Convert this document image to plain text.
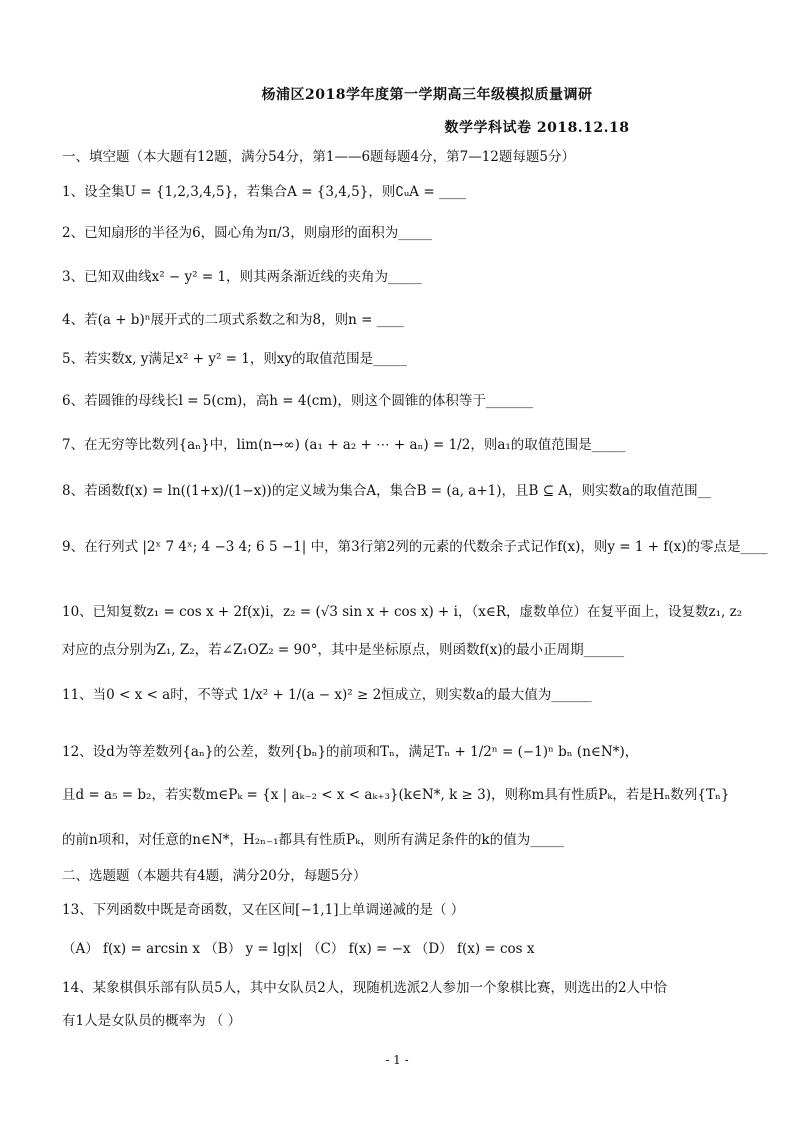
杨浦区2018学年度第一学期高三年级模拟质量调研
数学学科试卷 2018.12.18
一、填空题（本大题有12题，满分54分，第1——6题每题4分，第7—12题每题5分）
1、设全集U = {1,2,3,4,5}，若集合A = {3,4,5}，则∁ᵤA = ____
2、已知扇形的半径为6，圆心角为π/3，则扇形的面积为_____
3、已知双曲线x² − y² = 1，则其两条渐近线的夹角为_____
4、若(a + b)ⁿ展开式的二项式系数之和为8，则n = ____
5、若实数x, y满足x² + y² = 1，则xy的取值范围是_____
6、若圆锥的母线长l = 5(cm)，高h = 4(cm)，则这个圆锥的体积等于_______
7、在无穷等比数列{aₙ}中，lim(n→∞) (a₁ + a₂ + ⋯ + aₙ) = 1/2，则a₁的取值范围是_____
8、若函数f(x) = ln((1+x)/(1−x))的定义域为集合A，集合B = (a, a+1)，且B ⊆ A，则实数a的取值范围__
9、在行列式 |2ˣ 7 4ˣ; 4 −3 4; 6 5 −1| 中，第3行第2列的元素的代数余子式记作f(x)，则y = 1 + f(x)的零点是____
10、已知复数z₁ = cos x + 2f(x)i，z₂ = (√3 sin x + cos x) + i，（x∈R，虚数单位）在复平面上，设复数z₁, z₂
对应的点分别为Z₁, Z₂，若∠Z₁OZ₂ = 90°，其中是坐标原点，则函数f(x)的最小正周期______
11、当0 < x < a时，不等式 1/x² + 1/(a − x)² ≥ 2恒成立，则实数a的最大值为______
12、设d为等差数列{aₙ}的公差，数列{bₙ}的前项和Tₙ，满足Tₙ + 1/2ⁿ = (−1)ⁿ bₙ (n∈N*)，
且d = a₅ = b₂，若实数m∈Pₖ = {x | aₖ₋₂ < x < aₖ₊₃}(k∈N*, k ≥ 3)，则称m具有性质Pₖ，若是Hₙ数列{Tₙ}
的前n项和，对任意的n∈N*，H₂ₙ₋₁都具有性质Pₖ，则所有满足条件的k的值为_____
二、选题题（本题共有4题，满分20分，每题5分）
13、下列函数中既是奇函数，又在区间[−1,1]上单调递减的是（ ）
（A） f(x) = arcsin x （B） y = lg|x| （C） f(x) = −x （D） f(x) = cos x
14、某象棋俱乐部有队员5人，其中女队员2人，现随机选派2人参加一个象棋比赛，则选出的2人中恰
有1人是女队员的概率为 （ ）
- 1 -
